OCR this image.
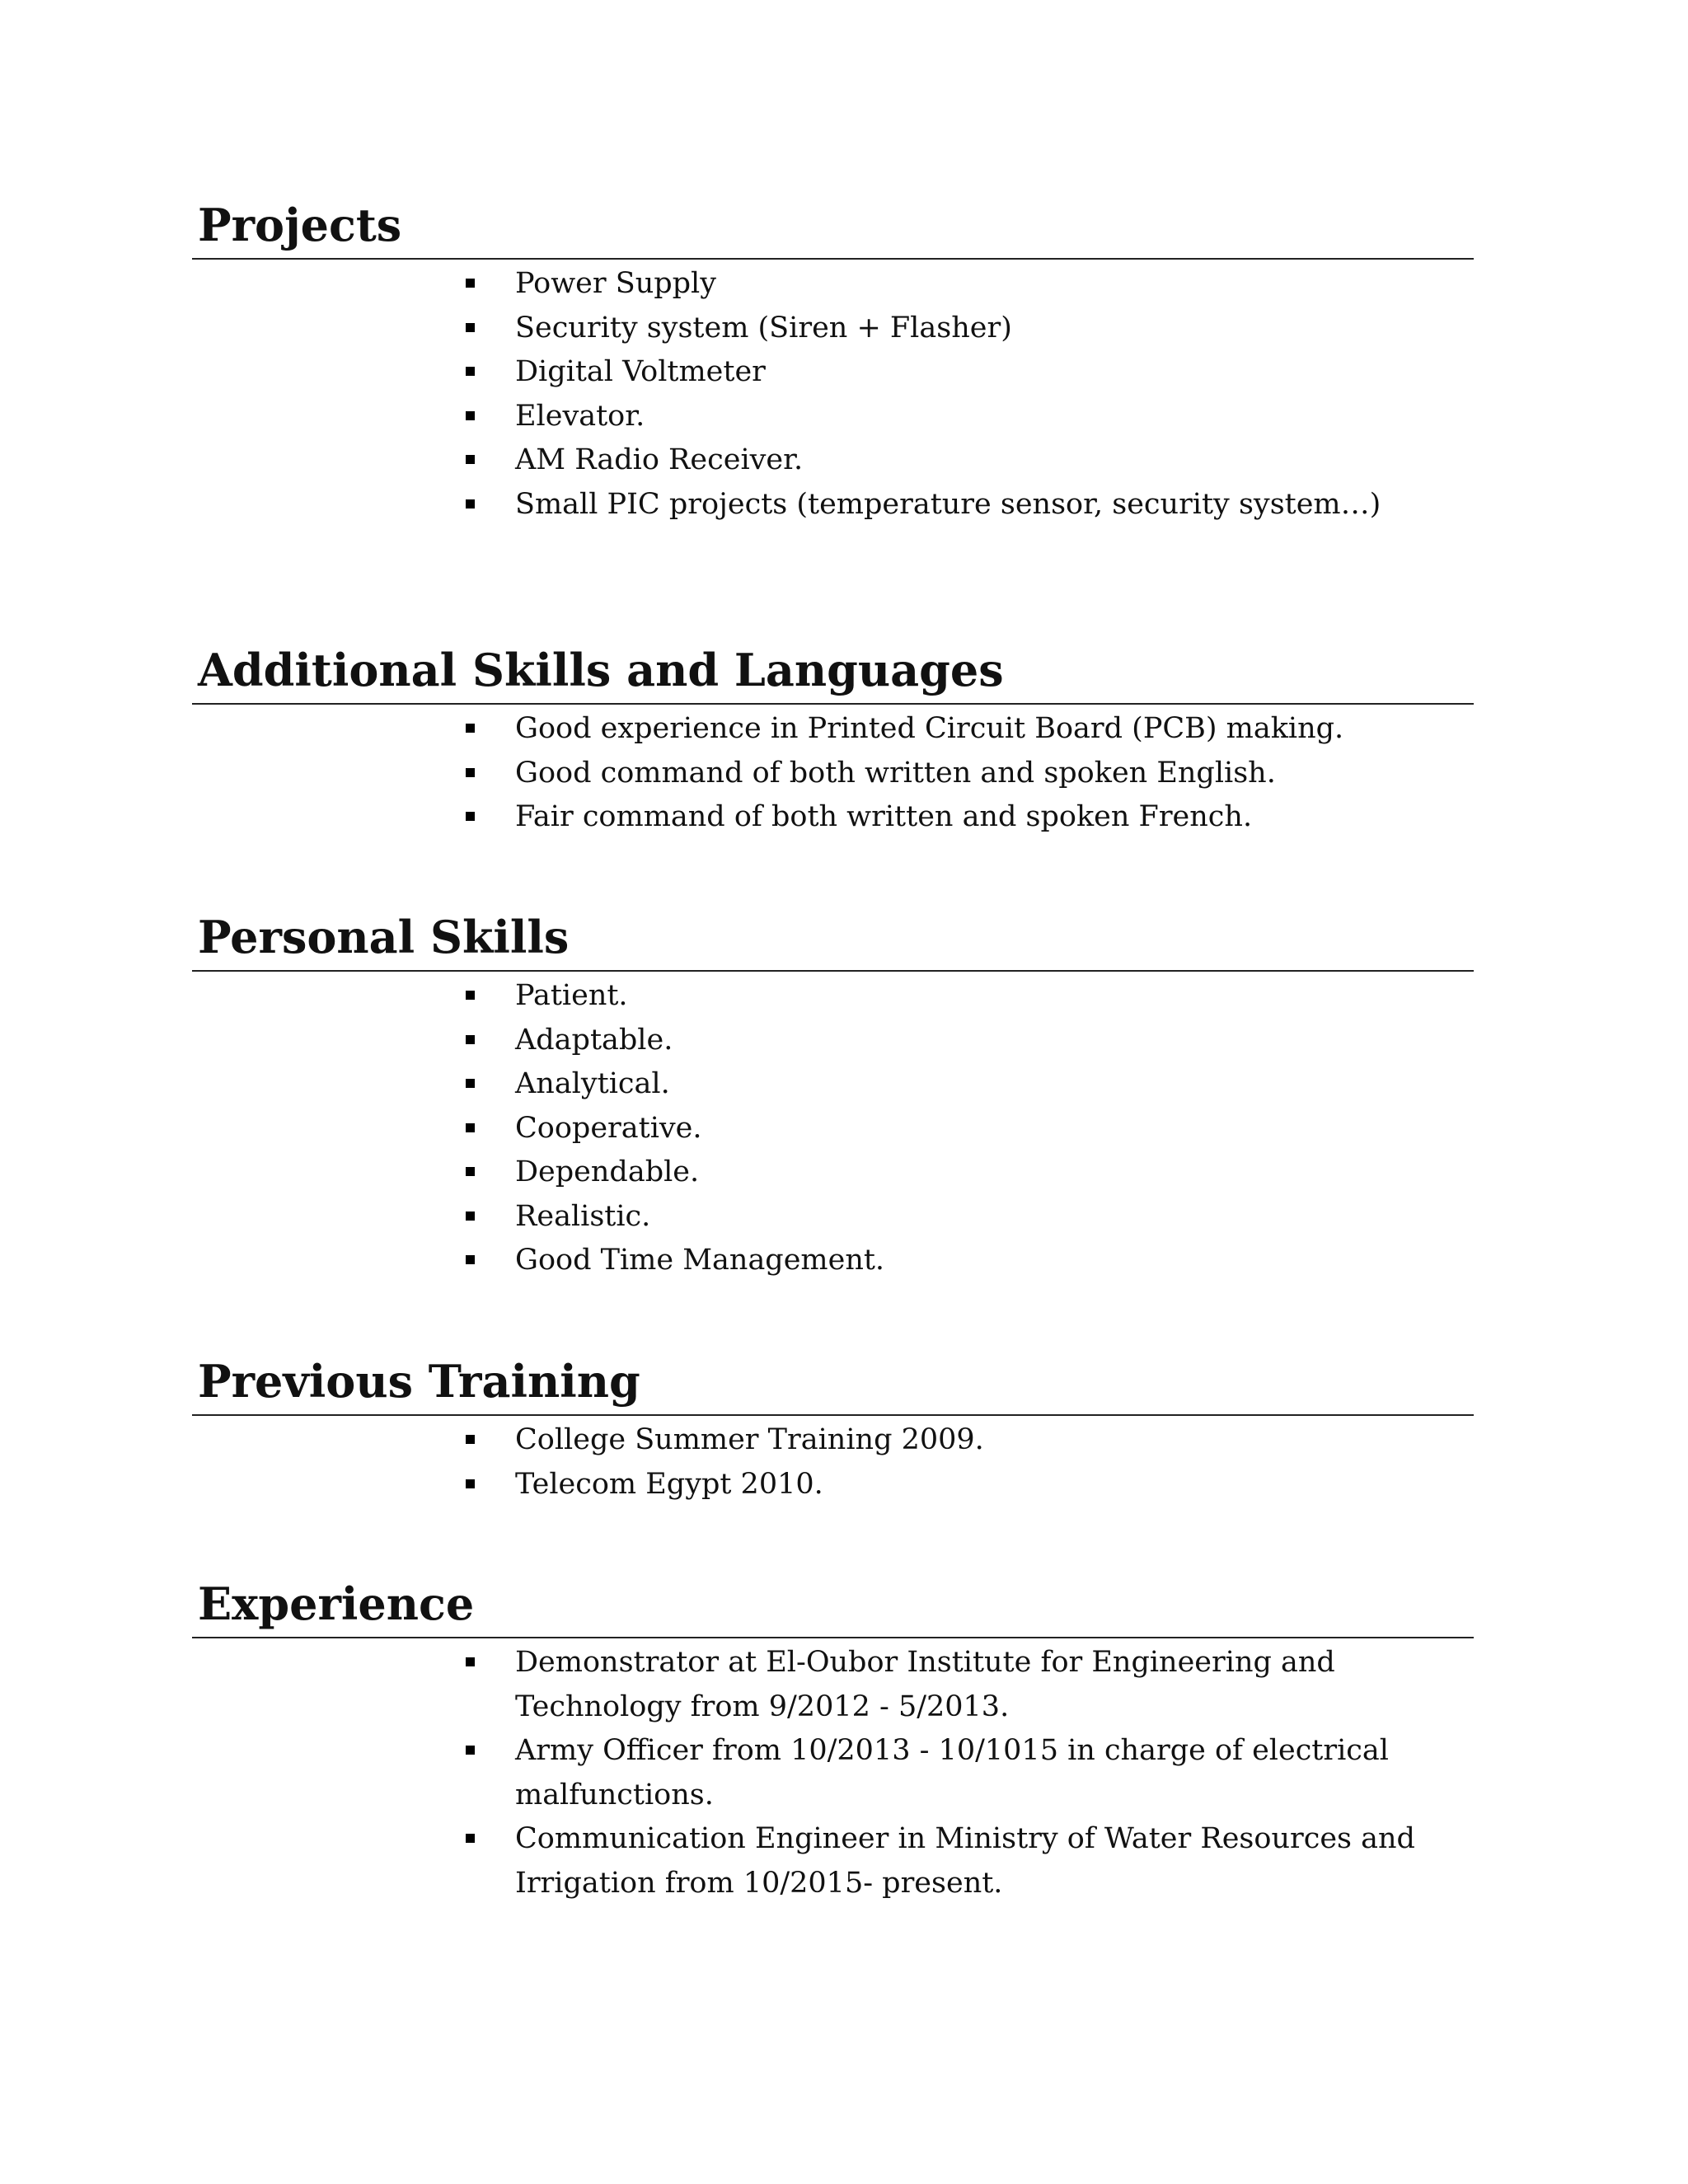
Projects
Power Supply
Security system (Siren + Flasher)
Digital Voltmeter
Elevator.
AM Radio Receiver.
Small PIC projects (temperature sensor, security system…)
Additional Skills and Languages
Good experience in Printed Circuit Board (PCB) making.
Good command of both written and spoken English.
Fair command of both written and spoken French.
Personal Skills
Patient.
Adaptable.
Analytical.
Cooperative.
Dependable.
Realistic.
Good Time Management.
Previous Training
College Summer Training 2009.
Telecom Egypt 2010.
Experience
Demonstrator at El-Oubor Institute for Engineering and Technology from 9/2012 - 5/2013.
Army Officer from 10/2013 - 10/1015 in charge of electrical malfunctions.
Communication Engineer in Ministry of Water Resources and Irrigation from 10/2015- present.
